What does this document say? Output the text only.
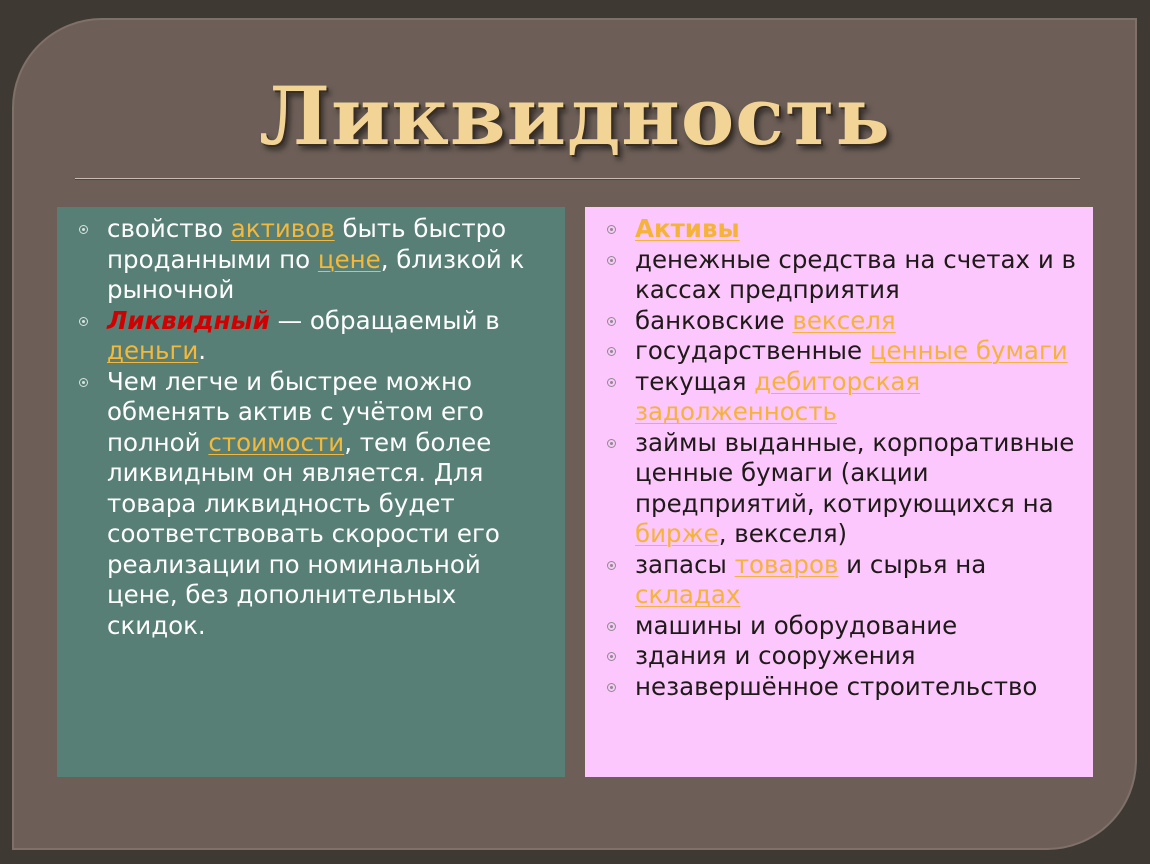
Ликвидность
свойство активов быть быстро проданными по цене, близкой к рыночной
Ликвидный — обращаемый в деньги.
Чем легче и быстрее можно обменять актив с учётом его полной стоимости, тем более ликвидным он является. Для товара ликвидность будет соответствовать скорости его реализации по номинальной цене, без дополнительных скидок.
Активы
денежные средства на счетах и в кассах предприятия
банковские векселя
государственные ценные бумаги
текущая дебиторская задолженность
займы выданные, корпоративные ценные бумаги (акции предприятий, котирующихся на бирже, векселя)
запасы товаров и сырья на складах
машины и оборудование
здания и сооружения
незавершённое строительство
